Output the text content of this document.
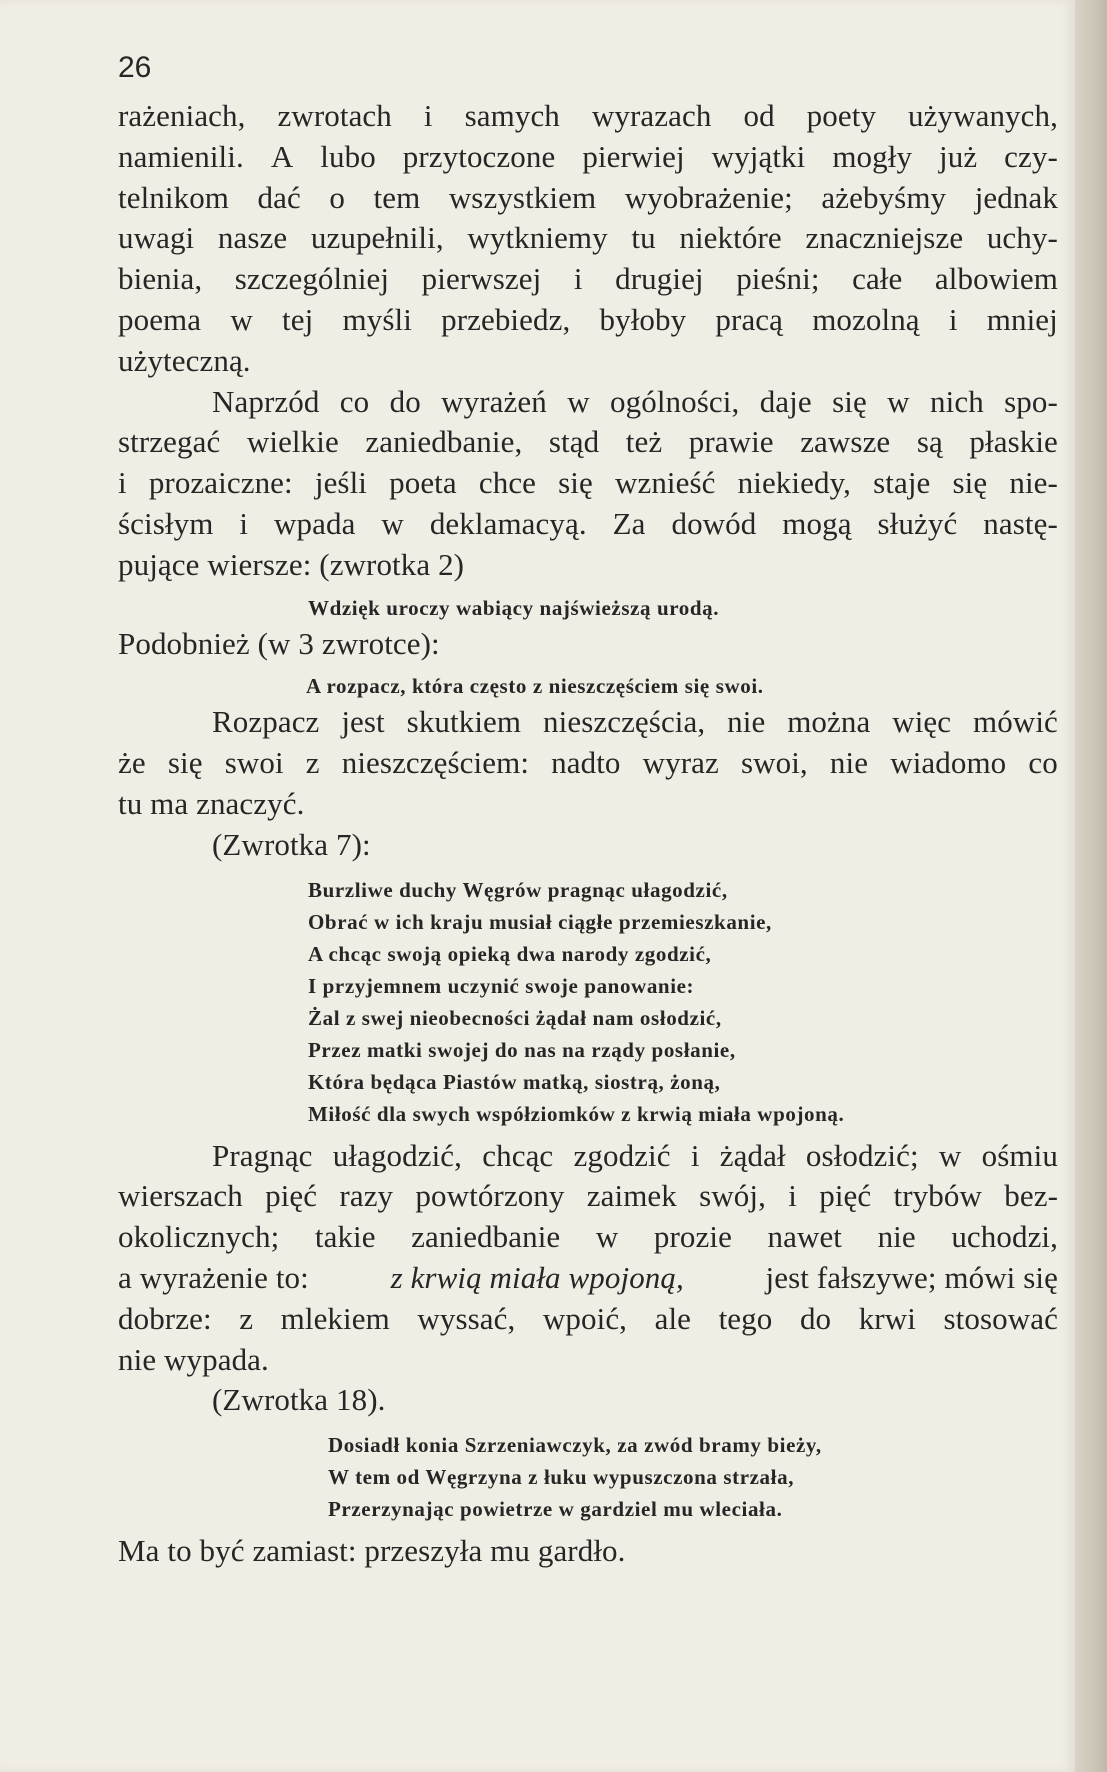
26
rażeniach, zwrotach i samych wyrazach od poety używanych,
namienili. A lubo przytoczone pierwiej wyjątki mogły już czy-
telnikom dać o tem wszystkiem wyobrażenie; ażebyśmy jednak
uwagi nasze uzupełnili, wytkniemy tu niektóre znaczniejsze uchy-
bienia, szczególniej pierwszej i drugiej pieśni; całe albowiem
poema w tej myśli przebiedz, byłoby pracą mozolną i mniej
użyteczną.
Naprzód co do wyrażeń w ogólności, daje się w nich spo-
strzegać wielkie zaniedbanie, stąd też prawie zawsze są płaskie
i prozaiczne: jeśli poeta chce się wznieść niekiedy, staje się nie-
ścisłym i wpada w deklamacyą. Za dowód mogą służyć nastę-
pujące wiersze: (zwrotka 2)
Wdzięk uroczy wabiący najświeższą urodą.
Podobnież (w 3 zwrotce):
A rozpacz, która często z nieszczęściem się swoi.
Rozpacz jest skutkiem nieszczęścia, nie można więc mówić
że się swoi z nieszczęściem: nadto wyraz swoi, nie wiadomo co
tu ma znaczyć.
(Zwrotka 7):
Burzliwe duchy Węgrów pragnąc ułagodzić,
Obrać w ich kraju musiał ciągłe przemieszkanie,
A chcąc swoją opieką dwa narody zgodzić,
I przyjemnem uczynić swoje panowanie:
Żal z swej nieobecności żądał nam osłodzić,
Przez matki swojej do nas na rządy posłanie,
Która będąca Piastów matką, siostrą, żoną,
Miłość dla swych współziomków z krwią miała wpojoną.
Pragnąc ułagodzić, chcąc zgodzić i żądał osłodzić; w ośmiu
wierszach pięć razy powtórzony zaimek swój, i pięć trybów bez-
okolicznych; takie zaniedbanie w prozie nawet nie uchodzi,
a wyrażenie to: z krwią miała wpojoną, jest fałszywe; mówi się
dobrze: z mlekiem wyssać, wpoić, ale tego do krwi stosować
nie wypada.
(Zwrotka 18).
Dosiadł konia Szrzeniawczyk, za zwód bramy bieży,
W tem od Węgrzyna z łuku wypuszczona strzała,
Przerzynając powietrze w gardziel mu wleciała.
Ma to być zamiast: przeszyła mu gardło.
